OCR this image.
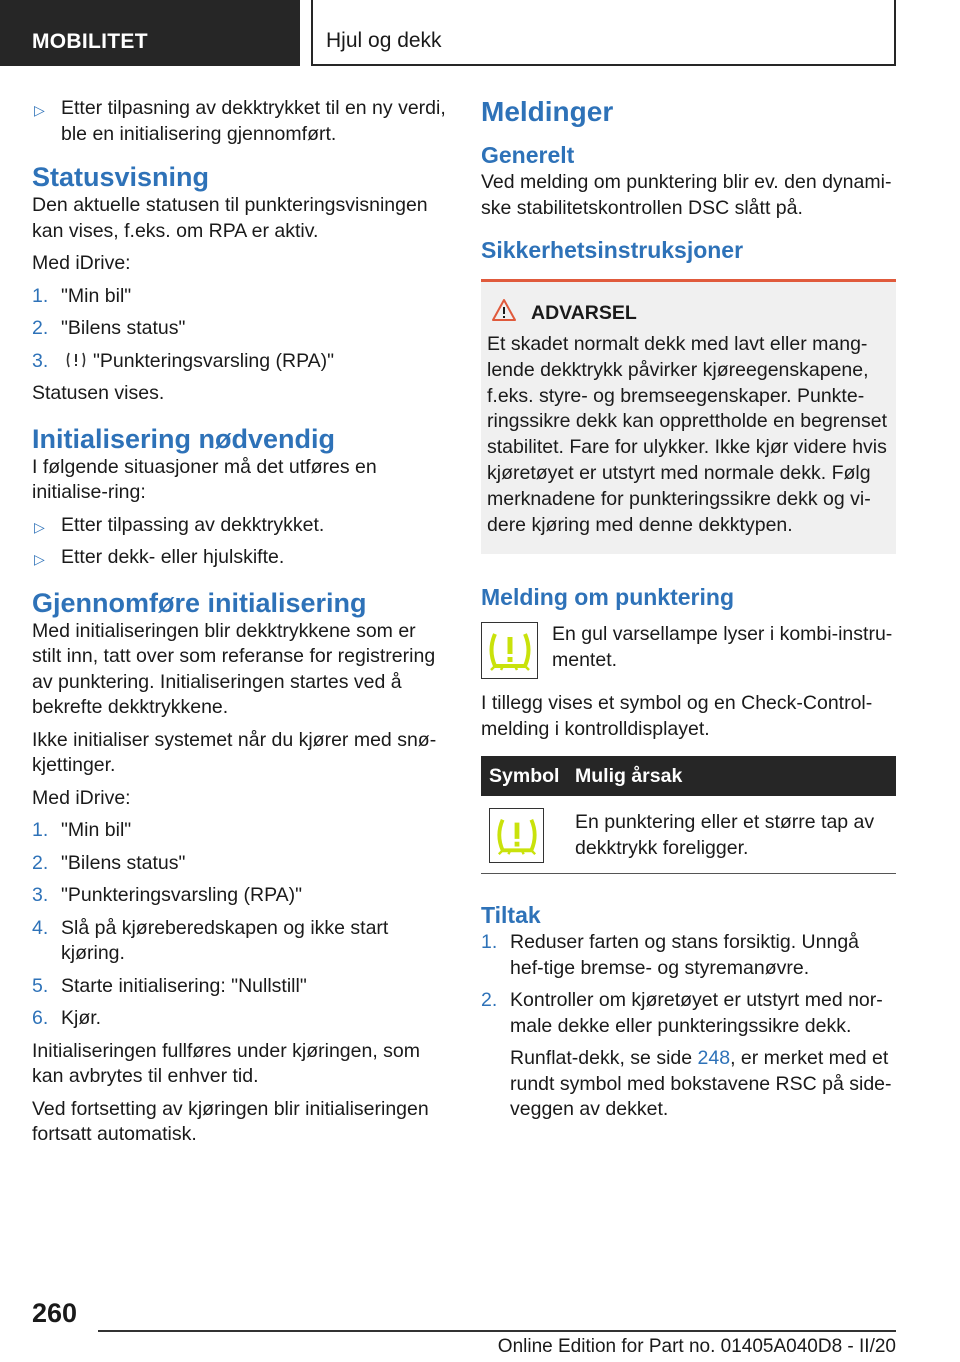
MOBILITET	Hjul og dekk
▷ Etter tilpasning av dekktrykket til en ny verdi, ble en initialisering gjennomført.
Statusvisning

Den aktuelle statusen til punkteringsvisningen kan vises, f.eks. om RPA er aktiv.

Med iDrive:

1. "Min bil"
2. "Bilens status"
3. "Punkteringsvarsling (RPA)"

Statusen vises.

Initialisering nødvendig

I følgende situasjoner må det utføres en initialise-ring:

▷ Etter tilpassing av dekktrykket.
▷ Etter dekk- eller hjulskifte.
Gjennomføre initialisering

Med initialiseringen blir dekktrykkene som er stilt inn, tatt over som referanse for registrering av punktering. Initialiseringen startes ved å bekrefte dekktrykkene.

Ikke initialiser systemet når du kjører med snø-kjettinger.

Med iDrive:

1. "Min bil"
2. "Bilens status"
3. "Punkteringsvarsling (RPA)"
4. Slå på kjøreberedskapen og ikke start kjøring.
5. Starte initialisering: "Nullstill"
6. Kjør.

Initialiseringen fullføres under kjøringen, som kan avbrytes til enhver tid.

Ved fortsetting av kjøringen blir initialiseringen fortsatt automatisk.

Meldinger
Generelt

Ved melding om punktering blir ev. den dynami-ske stabilitetskontrollen DSC slått på.

Sikkerhetsinstruksjoner
ADVARSEL
Et skadet normalt dekk med lavt eller mang-lende dekktrykk påvirker kjøreegenskapene, f.eks. styre- og bremseegenskaper. Punkte-ringssikre dekk kan opprettholde en begrenset stabilitet. Fare for ulykker. Ikke kjør videre hvis kjøretøyet er utstyrt med normale dekk. Følg merknadene for punkteringssikre dekk og vi-dere kjøring med denne dekktypen.
Melding om punktering
En gul varsellampe lyser i kombi-instru-mentet.

I tillegg vises et symbol og en Check-Control-melding i kontrolldisplayet.

Symbol	Mulig årsak

	En punktering eller et større tap av dekktrykk foreligger.
Tiltak
1. Reduser farten og stans forsiktig. Unngå hef-tige bremse- og styremanøvre.
2. Kontroller om kjøretøyet er utstyrt med nor-male dekke eller punkteringssikre dekk.

Runflat-dekk, se side 248, er merket med et rundt symbol med bokstavene RSC på side-veggen av dekket.

260
Online Edition for Part no. 01405A040D8 - II/20
